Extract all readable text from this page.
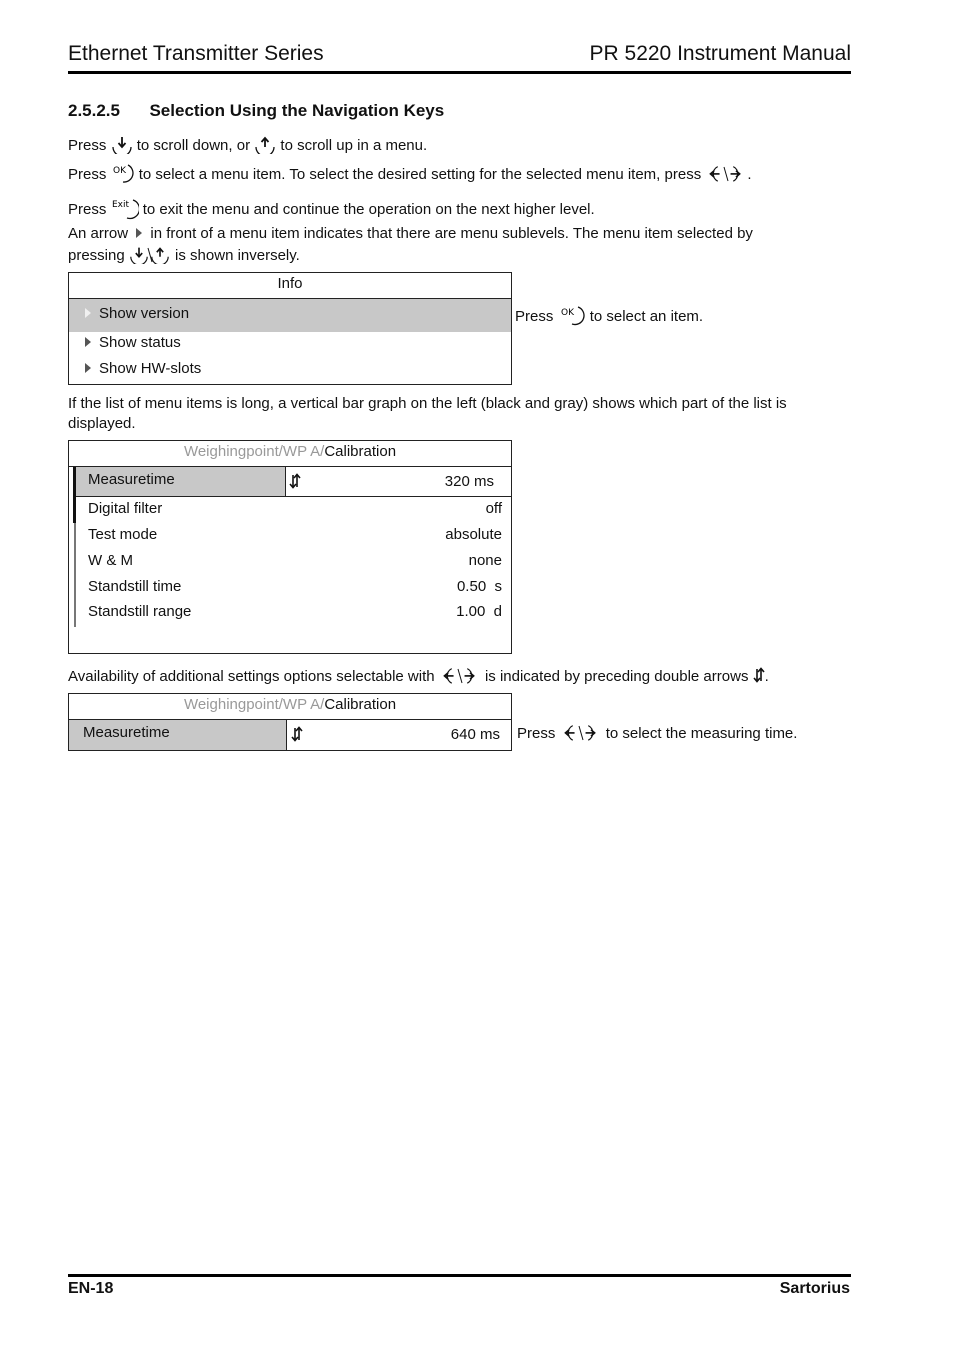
Ethernet Transmitter Series	PR 5220 Instrument Manual
2.5.2.5 Selection Using the Navigation Keys
Press to scroll down, or to scroll up in a menu.
Press OK to select a menu item. To select the desired setting for the selected menu item, press	.
Press Exit to exit the menu and continue the operation on the next higher level.
An arrow in front of a menu item indicates that there are menu sublevels. The menu item selected by
pressing	is shown inversely.
Info
Show version
Show status
Show HW-slots
Press OK to select an item.
If the list of menu items is long, a vertical bar graph on the left (black and gray) shows which part of the list is displayed.
Weighingpoint/WP A/Calibration
Measuretime	320 ms
Digital filter	off
Test mode	absolute
W & M	none
Standstill time	0.50  s
Standstill range	1.00  d
Availability of additional settings options selectable with	is indicated by preceding double arrows .
Weighingpoint/WP A/Calibration
Measuretime	640 ms Press	to select the measuring time.
EN-18	Sartorius
